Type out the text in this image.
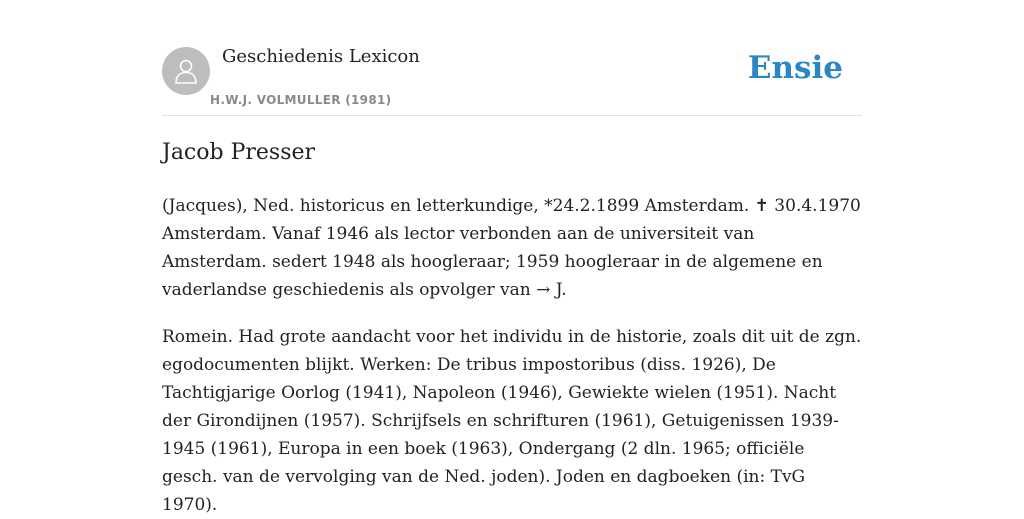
Geschiedenis Lexicon
H.W.J. VOLMULLER (1981)
Ensie
Jacob Presser

(Jacques), Ned. historicus en letterkundige, *24.2.1899 Amsterdam. ✝ 30.4.1970 Amsterdam. Vanaf 1946 als lector verbonden aan de universiteit van Amsterdam. sedert 1948 als hoogleraar; 1959 hoogleraar in de algemene en vaderlandse geschiedenis als opvolger van → J.

Romein. Had grote aandacht voor het individu in de historie, zoals dit uit de zgn. egodocumenten blijkt. Werken: De tribus impostoribus (diss. 1926), De Tachtigjarige Oorlog (1941), Napoleon (1946), Gewiekte wielen (1951). Nacht der Girondijnen (1957). Schrijfsels en schrifturen (1961), Getuigenissen 1939-1945 (1961), Europa in een boek (1963), Ondergang (2 dln. 1965; officiële gesch. van de vervolging van de Ned. joden). Joden en dagboeken (in: TvG 1970).
